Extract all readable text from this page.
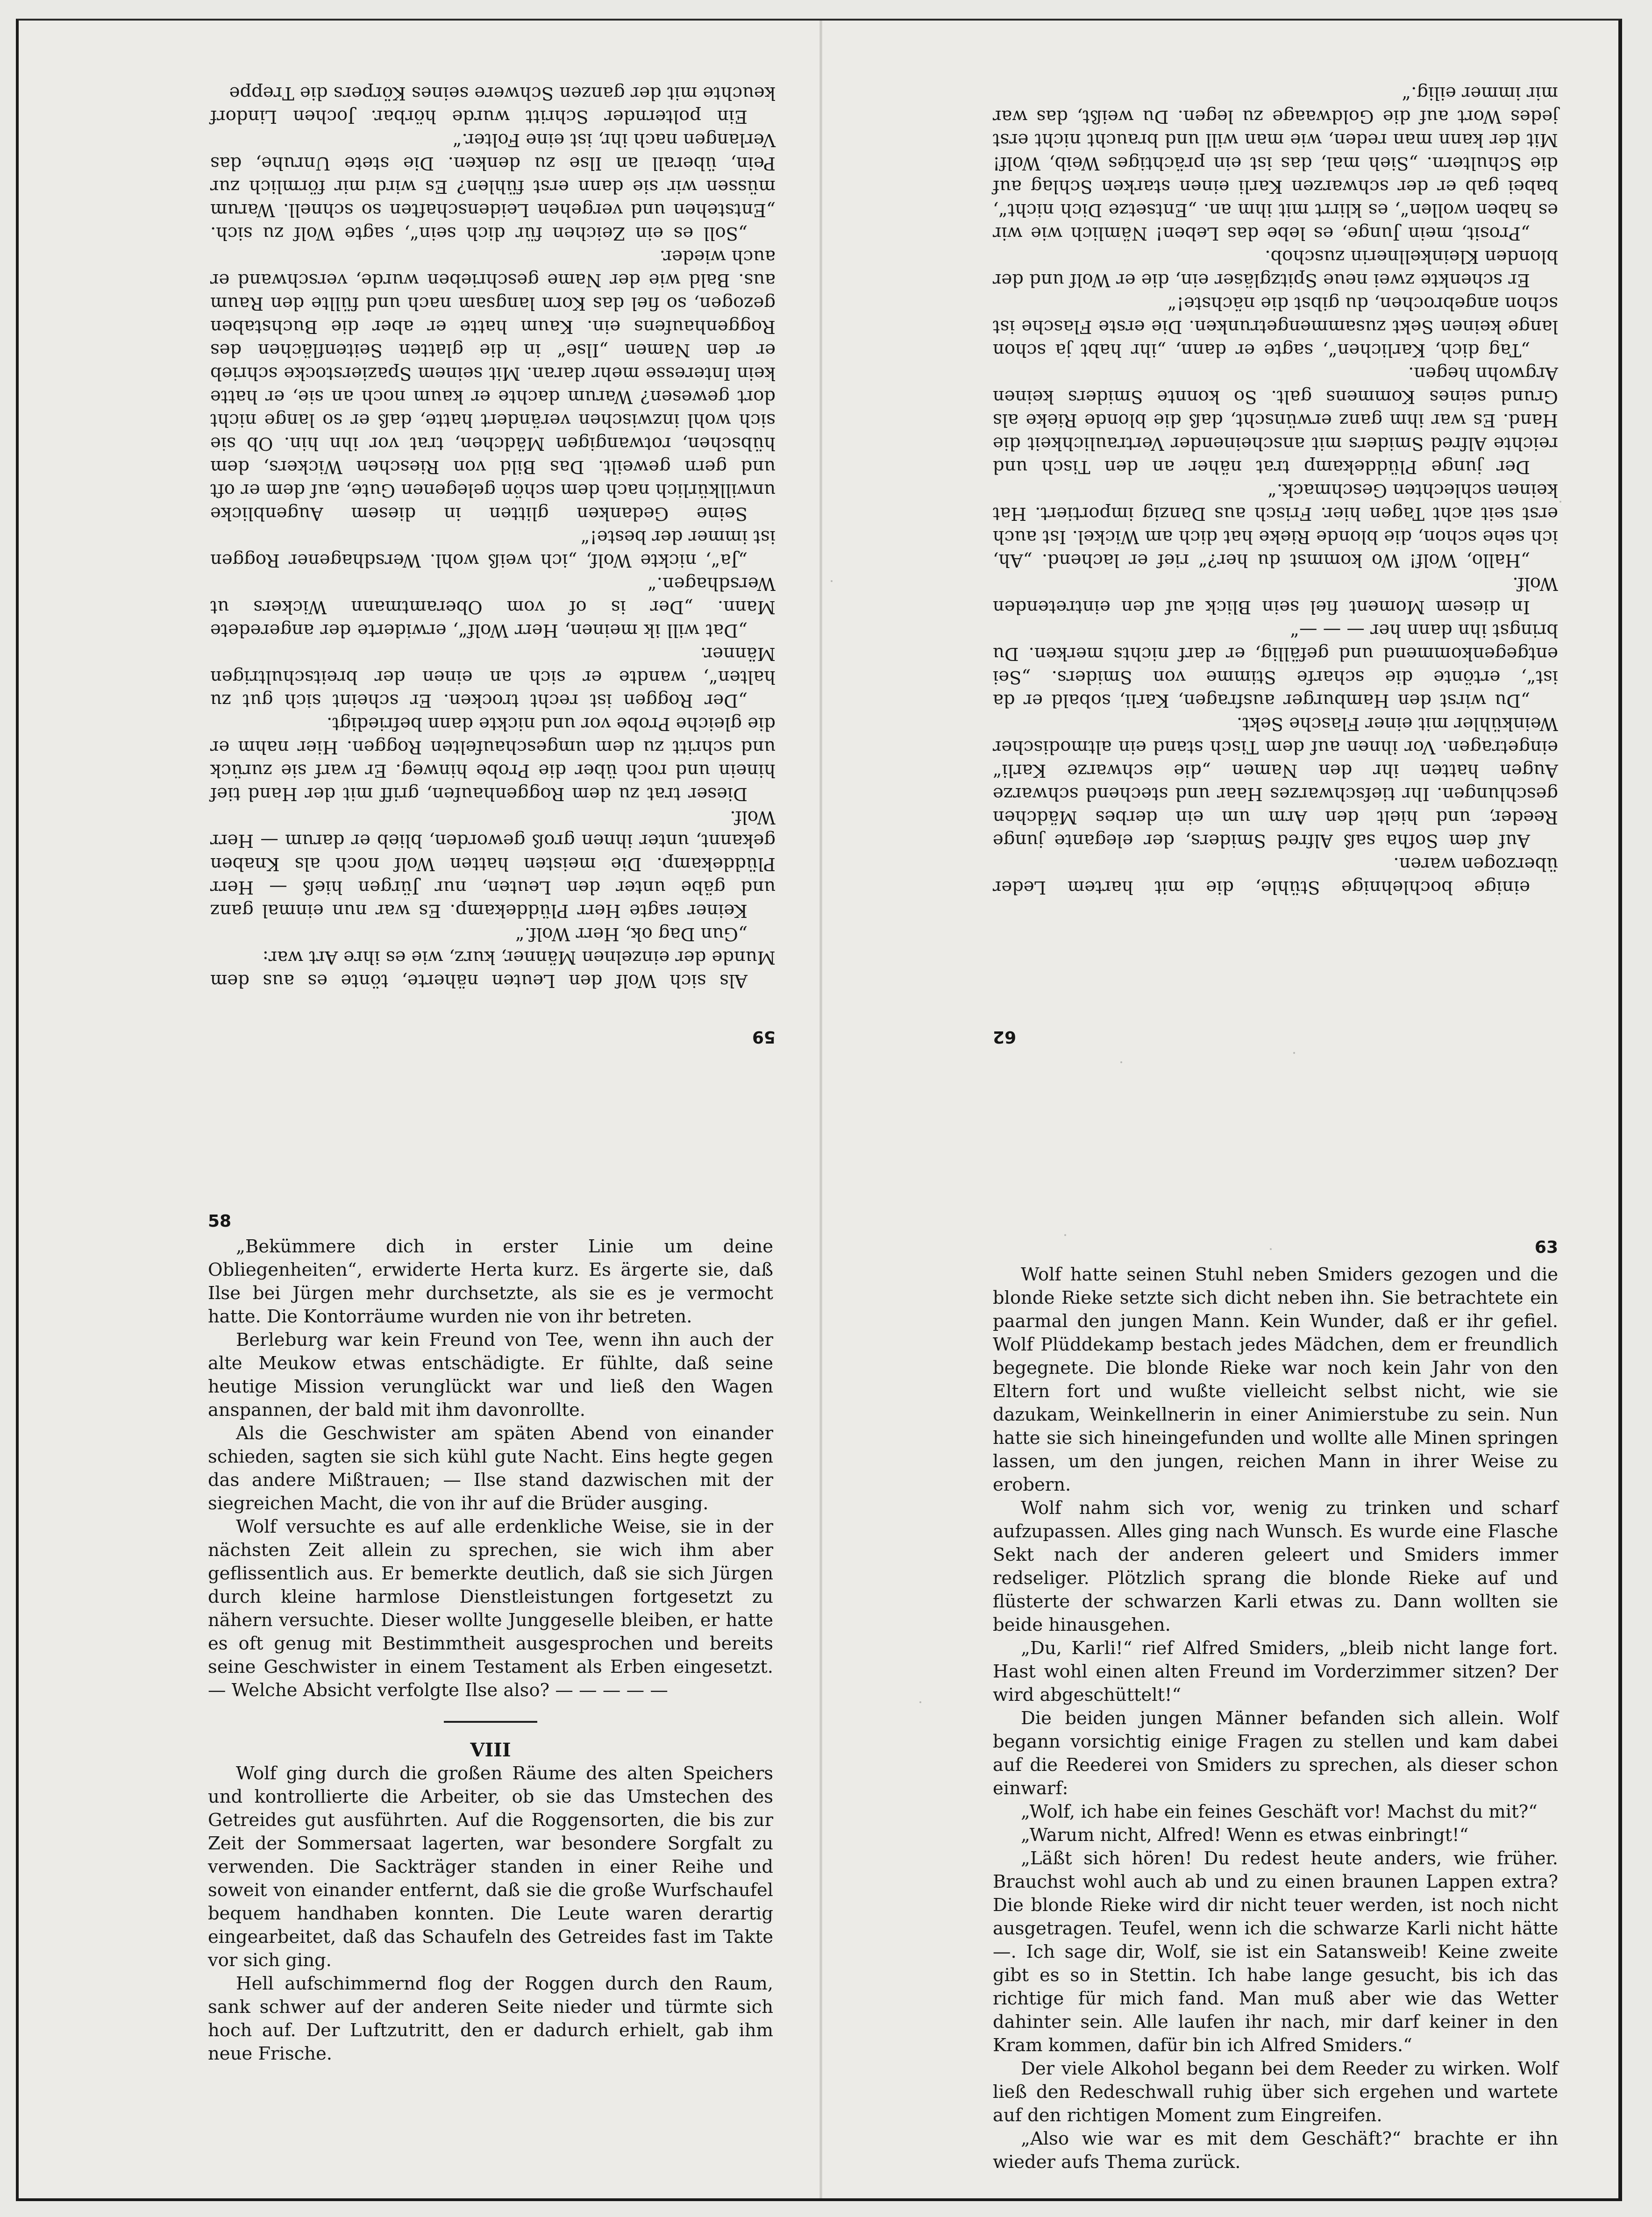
59

Als sich Wolf den Leuten näherte, tönte es aus dem Munde der einzelnen Männer, kurz, wie es ihre Art war:

„Gun Dag ok, Herr Wolf.“

Keiner sagte Herr Plüddekamp. Es war nun einmal ganz und gäbe unter den Leuten, nur Jürgen hieß — Herr Plüddekamp. Die meisten hatten Wolf noch als Knaben gekannt, unter ihnen groß geworden, blieb er darum — Herr Wolf.

Dieser trat zu dem Roggenhaufen, griff mit der Hand tief hinein und roch über die Probe hinweg. Er warf sie zurück und schritt zu dem umgeschaufelten Roggen. Hier nahm er die gleiche Probe vor und nickte dann befriedigt.

„Der Roggen ist recht trocken. Er scheint sich gut zu halten“, wandte er sich an einen der breitschultrigen Männer.

„Dat will ik meinen, Herr Wolf“, erwiderte der angeredete Mann. „Der is of vom Oberamtmann Wickers ut Wersdhagen.“

„Ja“, nickte Wolf, „ich weiß wohl. Wersdhagener Roggen ist immer der beste!“

Seine Gedanken glitten in diesem Augenblicke unwillkürlich nach dem schön gelegenen Gute, auf dem er oft und gern geweilt. Das Bild von Rieschen Wickers, dem hübschen, rotwangigen Mädchen, trat vor ihn hin. Ob sie sich wohl inzwischen verändert hatte, daß er so lange nicht dort gewesen? Warum dachte er kaum noch an sie, er hatte kein Interesse mehr daran. Mit seinem Spazierstocke schrieb er den Namen „Ilse“ in die glatten Seitenflächen des Roggenhaufens ein. Kaum hatte er aber die Buchstaben gezogen, so fiel das Korn langsam nach und füllte den Raum aus. Bald wie der Name geschrieben wurde, verschwand er auch wieder.

„Soll es ein Zeichen für dich sein“, sagte Wolf zu sich. „Entstehen und vergehen Leidenschaften so schnell. Warum müssen wir sie dann erst fühlen? Es wird mir förmlich zur Pein, überall an Ilse zu denken. Die stete Unruhe, das Verlangen nach ihr, ist eine Folter.“

Ein polternder Schritt wurde hörbar. Jochen Lindorf keuchte mit der ganzen Schwere seines Körpers die Treppe

62

einige bochlehnige Stühle, die mit hartem Leder überzogen waren.

Auf dem Sofha saß Alfred Smiders, der elegante junge Reeder, und hielt den Arm um ein derbes Mädchen geschlungen. Ihr tiefschwarzes Haar und stechend schwarze Augen hatten ihr den Namen „die schwarze Karli“ eingetragen. Vor ihnen auf dem Tisch stand ein altmodischer Weinkühler mit einer Flasche Sekt.

„Du wirst den Hamburger ausfragen, Karli, sobald er da ist“, ertönte die scharfe Stimme von Smiders. „Sei entgegenkommend und gefällig, er darf nichts merken. Du bringst ihn dann her — — —“

In diesem Moment fiel sein Blick auf den eintretenden Wolf.

„Hallo, Wolf! Wo kommst du her?“ rief er lachend. „Ah, ich sehe schon, die blonde Rieke hat dich am Wickel. Ist auch erst seit acht Tagen hier. Frisch aus Danzig importiert. Hat keinen schlechten Geschmack.“

Der junge Plüddekamp trat näher an den Tisch und reichte Alfred Smiders mit anscheinender Vertraulichkeit die Hand. Es war ihm ganz erwünscht, daß die blonde Rieke als Grund seines Kommens galt. So konnte Smiders keinen Argwohn hegen.

„Tag dich, Karlichen“, sagte er dann, „ihr habt ja schon lange keinen Sekt zusammengetrunken. Die erste Flasche ist schon angebrochen, du gibst die nächste!“

Er schenkte zwei neue Spitzgläser ein, die er Wolf und der blonden Kleinkellnerin zuschob.

„Prosit, mein Junge, es lebe das Leben! Nämlich wie wir es haben wollen“, es klirrt mit ihm an. „Entsetze Dich nicht“, babei gab er der schwarzen Karli einen starken Schlag auf die Schultern. „Sieh mal, das ist ein prächtiges Weib, Wolf! Mit der kann man reden, wie man will und braucht nicht erst jedes Wort auf die Goldwaage zu legen. Du weißt, das war mir immer eilig.“

58

„Bekümmere dich in erster Linie um deine Obliegenheiten“, erwiderte Herta kurz. Es ärgerte sie, daß Ilse bei Jürgen mehr durchsetzte, als sie es je vermocht hatte. Die Kontorräume wurden nie von ihr betreten.

Berleburg war kein Freund von Tee, wenn ihn auch der alte Meukow etwas entschädigte. Er fühlte, daß seine heutige Mission verunglückt war und ließ den Wagen anspannen, der bald mit ihm davonrollte.

Als die Geschwister am späten Abend von einander schieden, sagten sie sich kühl gute Nacht. Eins hegte gegen das andere Mißtrauen; — Ilse stand dazwischen mit der siegreichen Macht, die von ihr auf die Brüder ausging.

Wolf versuchte es auf alle erdenkliche Weise, sie in der nächsten Zeit allein zu sprechen, sie wich ihm aber geflissentlich aus. Er bemerkte deutlich, daß sie sich Jürgen durch kleine harmlose Dienstleistungen fortgesetzt zu nähern versuchte. Dieser wollte Junggeselle bleiben, er hatte es oft genug mit Bestimmtheit ausgesprochen und bereits seine Geschwister in einem Testament als Erben eingesetzt. — Welche Absicht verfolgte Ilse also? — — — — —

VIII

Wolf ging durch die großen Räume des alten Speichers und kontrollierte die Arbeiter, ob sie das Umstechen des Getreides gut ausführten. Auf die Roggensorten, die bis zur Zeit der Sommersaat lagerten, war besondere Sorgfalt zu verwenden. Die Sackträger standen in einer Reihe und soweit von einander entfernt, daß sie die große Wurfschaufel bequem handhaben konnten. Die Leute waren derartig eingearbeitet, daß das Schaufeln des Getreides fast im Takte vor sich ging.

Hell aufschimmernd flog der Roggen durch den Raum, sank schwer auf der anderen Seite nieder und türmte sich hoch auf. Der Luftzutritt, den er dadurch erhielt, gab ihm neue Frische.

63

Wolf hatte seinen Stuhl neben Smiders gezogen und die blonde Rieke setzte sich dicht neben ihn. Sie betrachtete ein paarmal den jungen Mann. Kein Wunder, daß er ihr gefiel. Wolf Plüddekamp bestach jedes Mädchen, dem er freundlich begegnete. Die blonde Rieke war noch kein Jahr von den Eltern fort und wußte vielleicht selbst nicht, wie sie dazukam, Weinkellnerin in einer Animierstube zu sein. Nun hatte sie sich hineingefunden und wollte alle Minen springen lassen, um den jungen, reichen Mann in ihrer Weise zu erobern.

Wolf nahm sich vor, wenig zu trinken und scharf aufzupassen. Alles ging nach Wunsch. Es wurde eine Flasche Sekt nach der anderen geleert und Smiders immer redseliger. Plötzlich sprang die blonde Rieke auf und flüsterte der schwarzen Karli etwas zu. Dann wollten sie beide hinausgehen.

„Du, Karli!“ rief Alfred Smiders, „bleib nicht lange fort. Hast wohl einen alten Freund im Vorderzimmer sitzen? Der wird abgeschüttelt!“

Die beiden jungen Männer befanden sich allein. Wolf begann vorsichtig einige Fragen zu stellen und kam dabei auf die Reederei von Smiders zu sprechen, als dieser schon einwarf:

„Wolf, ich habe ein feines Geschäft vor! Machst du mit?“

„Warum nicht, Alfred! Wenn es etwas einbringt!“

„Läßt sich hören! Du redest heute anders, wie früher. Brauchst wohl auch ab und zu einen braunen Lappen extra? Die blonde Rieke wird dir nicht teuer werden, ist noch nicht ausgetragen. Teufel, wenn ich die schwarze Karli nicht hätte —. Ich sage dir, Wolf, sie ist ein Satansweib! Keine zweite gibt es so in Stettin. Ich habe lange gesucht, bis ich das richtige für mich fand. Man muß aber wie das Wetter dahinter sein. Alle laufen ihr nach, mir darf keiner in den Kram kommen, dafür bin ich Alfred Smiders.“

Der viele Alkohol begann bei dem Reeder zu wirken. Wolf ließ den Redeschwall ruhig über sich ergehen und wartete auf den richtigen Moment zum Eingreifen.

„Also wie war es mit dem Geschäft?“ brachte er ihn wieder aufs Thema zurück.
